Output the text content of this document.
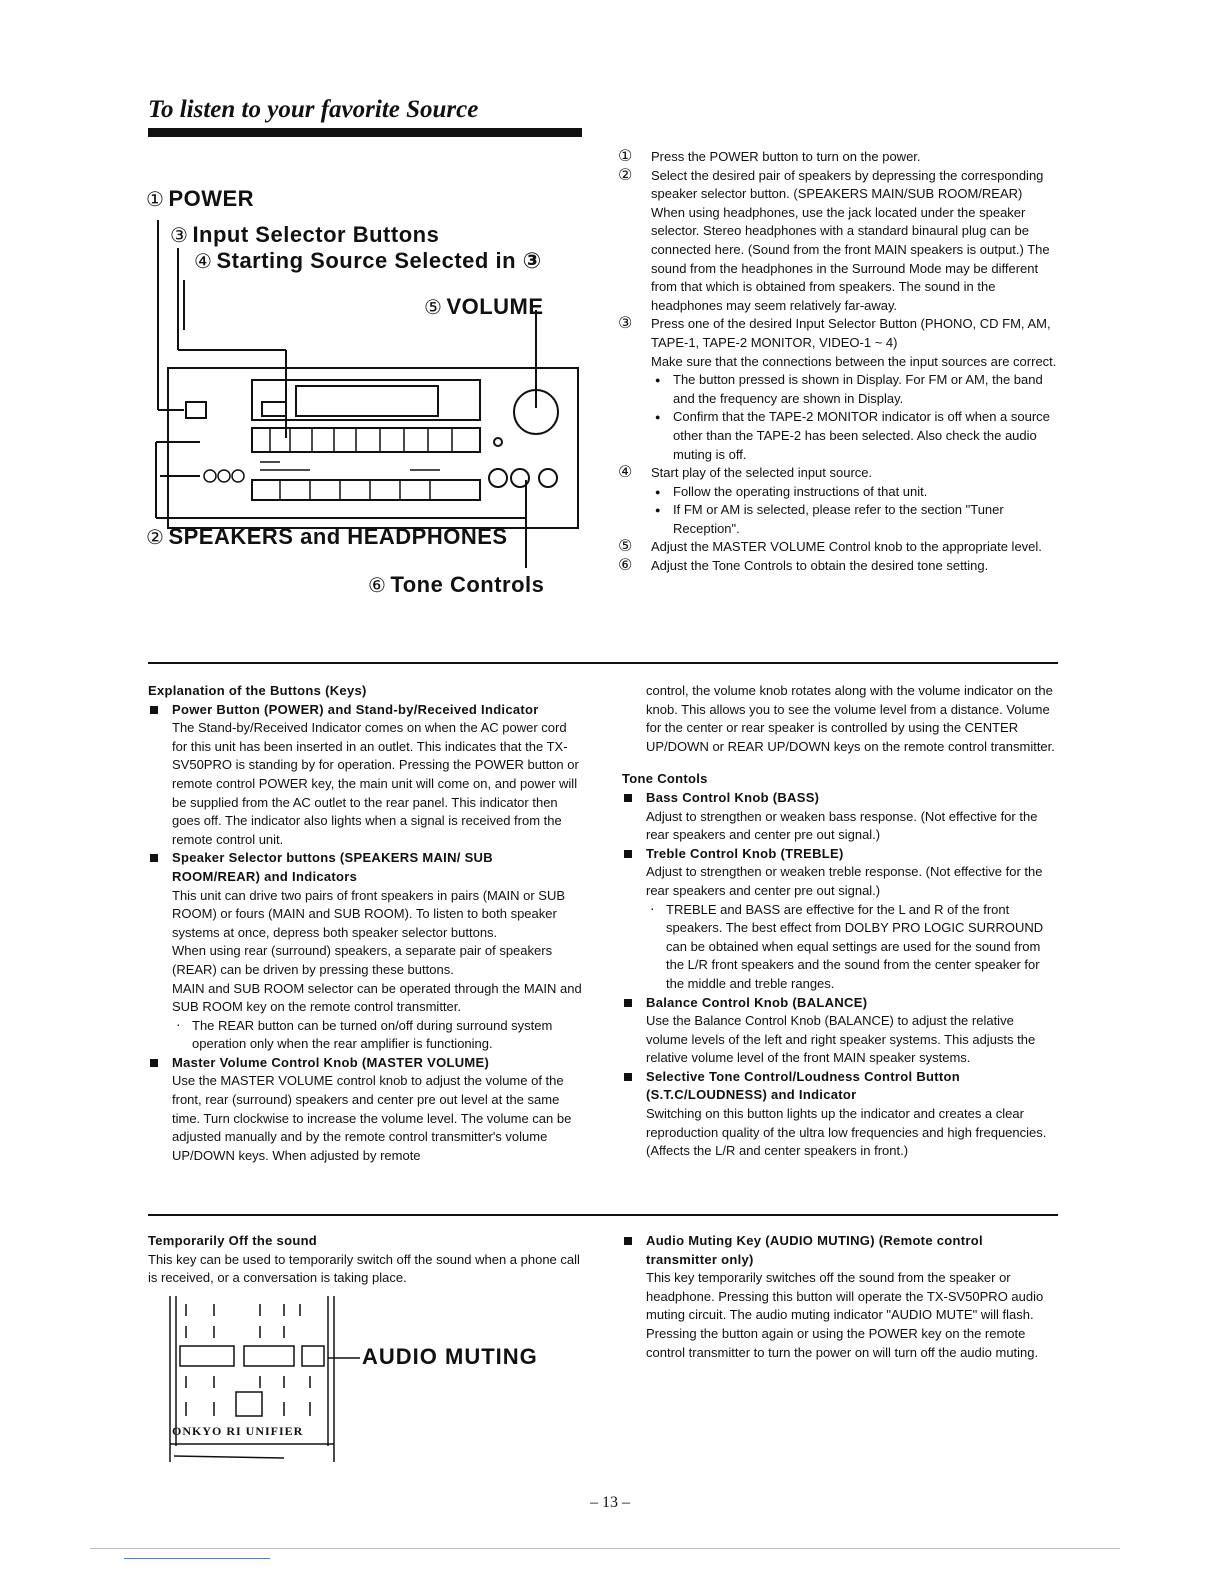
To listen to your favorite Source
① POWER
③ Input Selector Buttons
④ Starting Source Selected in ③
⑤ VOLUME
② SPEAKERS and HEADPHONES
⑥ Tone Controls
① Press the POWER button to turn on the power.
② Select the desired pair of speakers by depressing the corresponding speaker selector button. (SPEAKERS MAIN/SUB ROOM/REAR)
When using headphones, use the jack located under the speaker selector. Stereo headphones with a standard binaural plug can be connected here. (Sound from the front MAIN speakers is output.) The sound from the headphones in the Surround Mode may be different from that which is obtained from speakers. The sound in the headphones may seem relatively far-away.
③ Press one of the desired Input Selector Button (PHONO, CD FM, AM, TAPE-1, TAPE-2 MONITOR, VIDEO-1 ~ 4)
Make sure that the connections between the input sources are correct.
● The button pressed is shown in Display. For FM or AM, the band and the frequency are shown in Display.
● Confirm that the TAPE-2 MONITOR indicator is off when a source other than the TAPE-2 has been selected. Also check the audio muting is off.
④ Start play of the selected input source.
● Follow the operating instructions of that unit.
● If FM or AM is selected, please refer to the section "Tuner Reception".
⑤ Adjust the MASTER VOLUME Control knob to the appropriate level.
⑥ Adjust the Tone Controls to obtain the desired tone setting.
Explanation of the Buttons (Keys)
Power Button (POWER) and Stand-by/Received Indicator
The Stand-by/Received Indicator comes on when the AC power cord for this unit has been inserted in an outlet. This indicates that the TX-SV50PRO is standing by for operation. Pressing the POWER button or remote control POWER key, the main unit will come on, and power will be supplied from the AC outlet to the rear panel. This indicator then goes off. The indicator also lights when a signal is received from the remote control unit.
Speaker Selector buttons (SPEAKERS MAIN/ SUB ROOM/REAR) and Indicators
This unit can drive two pairs of front speakers in pairs (MAIN or SUB ROOM) or fours (MAIN and SUB ROOM). To listen to both speaker systems at once, depress both speaker selector buttons.
When using rear (surround) speakers, a separate pair of speakers (REAR) can be driven by pressing these buttons.
MAIN and SUB ROOM selector can be operated through the MAIN and SUB ROOM key on the remote control transmitter.
· The REAR button can be turned on/off during surround system operation only when the rear amplifier is functioning.
Master Volume Control Knob (MASTER VOLUME)
Use the MASTER VOLUME control knob to adjust the volume of the front, rear (surround) speakers and center pre out level at the same time. Turn clockwise to increase the volume level. The volume can be adjusted manually and by the remote control transmitter's volume UP/DOWN keys. When adjusted by remote
control, the volume knob rotates along with the volume indicator on the knob. This allows you to see the volume level from a distance. Volume for the center or rear speaker is controlled by using the CENTER UP/DOWN or REAR UP/DOWN keys on the remote control transmitter.
Tone Contols
Bass Control Knob (BASS)
Adjust to strengthen or weaken bass response. (Not effective for the rear speakers and center pre out signal.)
Treble Control Knob (TREBLE)
Adjust to strengthen or weaken treble response. (Not effective for the rear speakers and center pre out signal.)
· TREBLE and BASS are effective for the L and R of the front speakers. The best effect from DOLBY PRO LOGIC SURROUND can be obtained when equal settings are used for the sound from the L/R front speakers and the sound from the center speaker for the middle and treble ranges.
Balance Control Knob (BALANCE)
Use the Balance Control Knob (BALANCE) to adjust the relative volume levels of the left and right speaker systems. This adjusts the relative volume level of the front MAIN speaker systems.
Selective Tone Control/Loudness Control Button (S.T.C/LOUDNESS) and Indicator
Switching on this button lights up the indicator and creates a clear reproduction quality of the ultra low frequencies and high frequencies. (Affects the L/R and center speakers in front.)
Temporarily Off the sound
This key can be used to temporarily switch off the sound when a phone call is received, or a conversation is taking place.
ONKYO RI UNIFIER
AUDIO MUTING
Audio Muting Key (AUDIO MUTING) (Remote control transmitter only)
This key temporarily switches off the sound from the speaker or headphone. Pressing this button will operate the TX-SV50PRO audio muting circuit. The audio muting indicator "AUDIO MUTE" will flash. Pressing the button again or using the POWER key on the remote control transmitter to turn the power on will turn off the audio muting.
– 13 –
